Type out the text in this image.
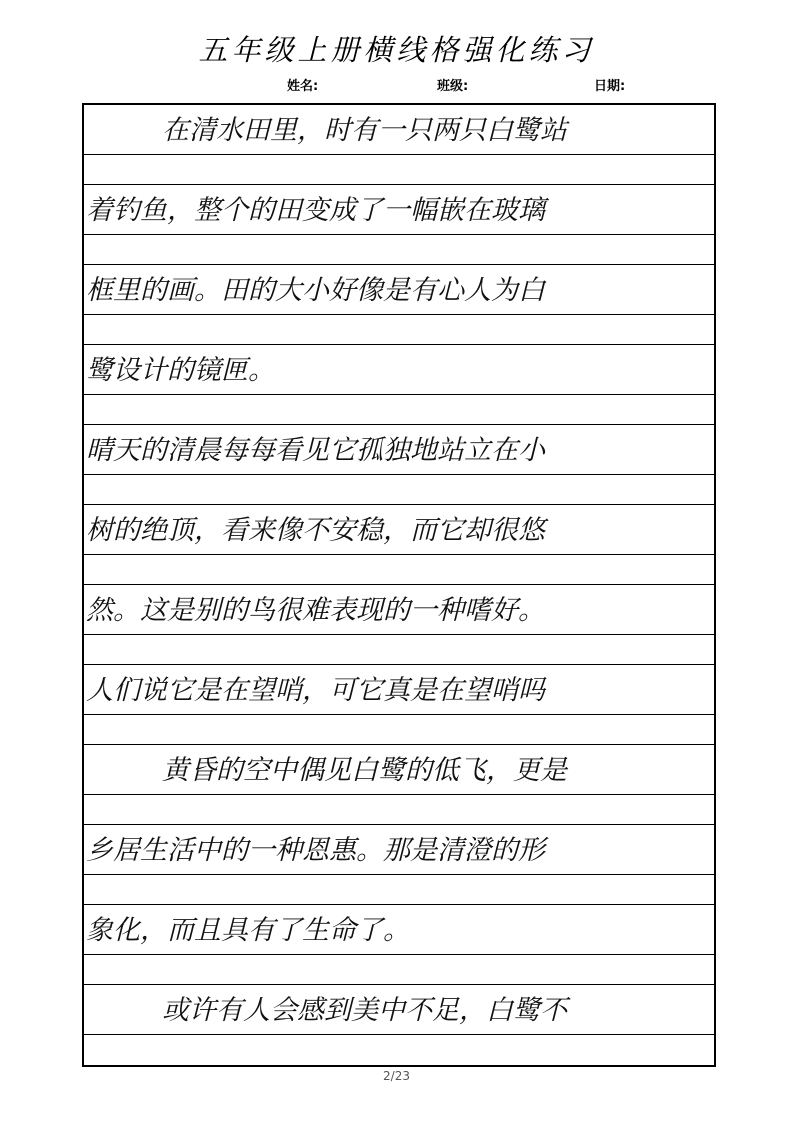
五年级上册横线格强化练习
姓名:	班级:	日期:
在清水田里，时有一只两只白鹭站
着钓鱼，整个的田变成了一幅嵌在玻璃
框里的画。田的大小好像是有心人为白
鹭设计的镜匣。
晴天的清晨每每看见它孤独地站立在小
树的绝顶，看来像不安稳，而它却很悠
然。这是别的鸟很难表现的一种嗜好。
人们说它是在望哨，可它真是在望哨吗
黄昏的空中偶见白鹭的低飞，更是
乡居生活中的一种恩惠。那是清澄的形
象化，而且具有了生命了。
或许有人会感到美中不足，白鹭不
2/23
